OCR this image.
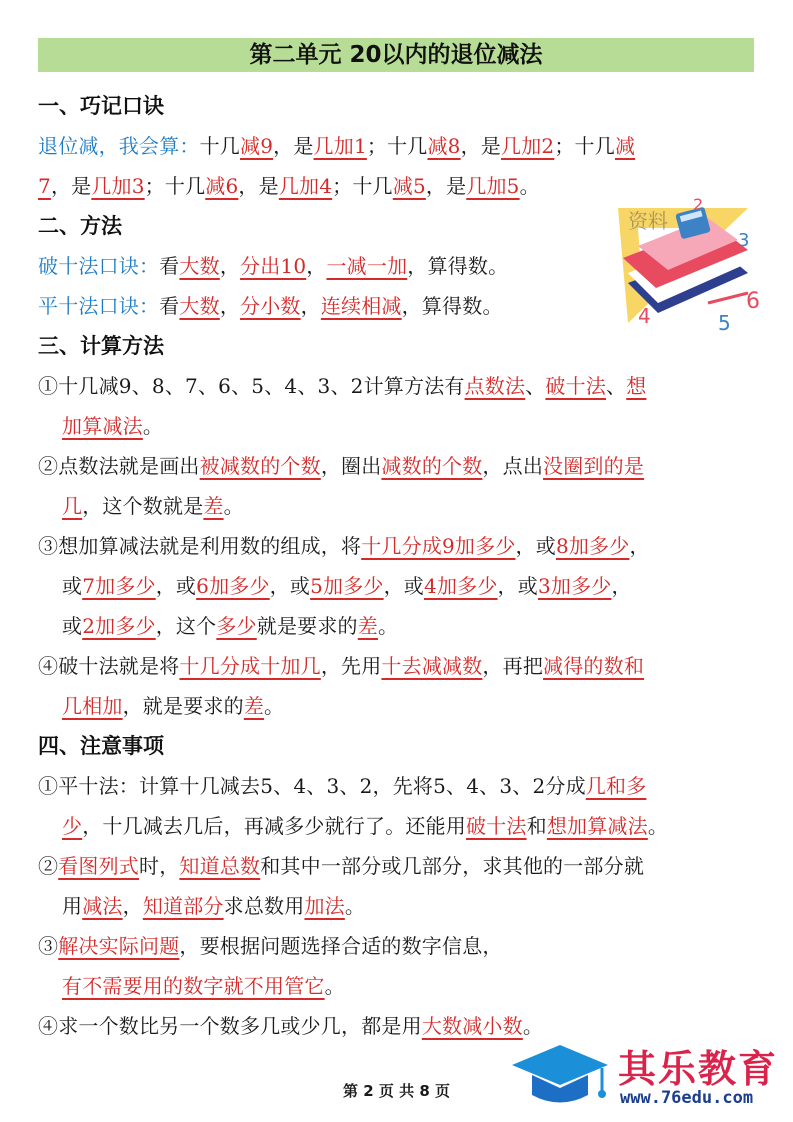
第二单元 20以内的退位减法
一、巧记口诀
退位减，我会算：十几减9，是几加1；十几减8，是几加2；十几减
7，是几加3；十几减6，是几加4；十几减5，是几加5。
二、方法
破十法口诀：看大数，分出10，一减一加，算得数。
平十法口诀：看大数，分小数，连续相减，算得数。
资料
2
3
6
5
4
三、计算方法
①十几减9、8、7、6、5、4、3、2计算方法有点数法、破十法、想
加算减法。
②点数法就是画出被减数的个数，圈出减数的个数，点出没圈到的是
几，这个数就是差。
③想加算减法就是利用数的组成，将十几分成9加多少，或8加多少，
或7加多少，或6加多少，或5加多少，或4加多少，或3加多少，
或2加多少，这个多少就是要求的差。
④破十法就是将十几分成十加几，先用十去减减数，再把减得的数和
几相加，就是要求的差。
四、注意事项
①平十法：计算十几减去5、4、3、2，先将5、4、3、2分成几和多
少，十几减去几后，再减多少就行了。还能用破十法和想加算减法。
②看图列式时，知道总数和其中一部分或几部分，求其他的一部分就
用减法，知道部分求总数用加法。
③解决实际问题，要根据问题选择合适的数字信息，
有不需要用的数字就不用管它。
④求一个数比另一个数多几或少几，都是用大数减小数。
第 2 页 共 8 页	其乐教育
www.76edu.com
